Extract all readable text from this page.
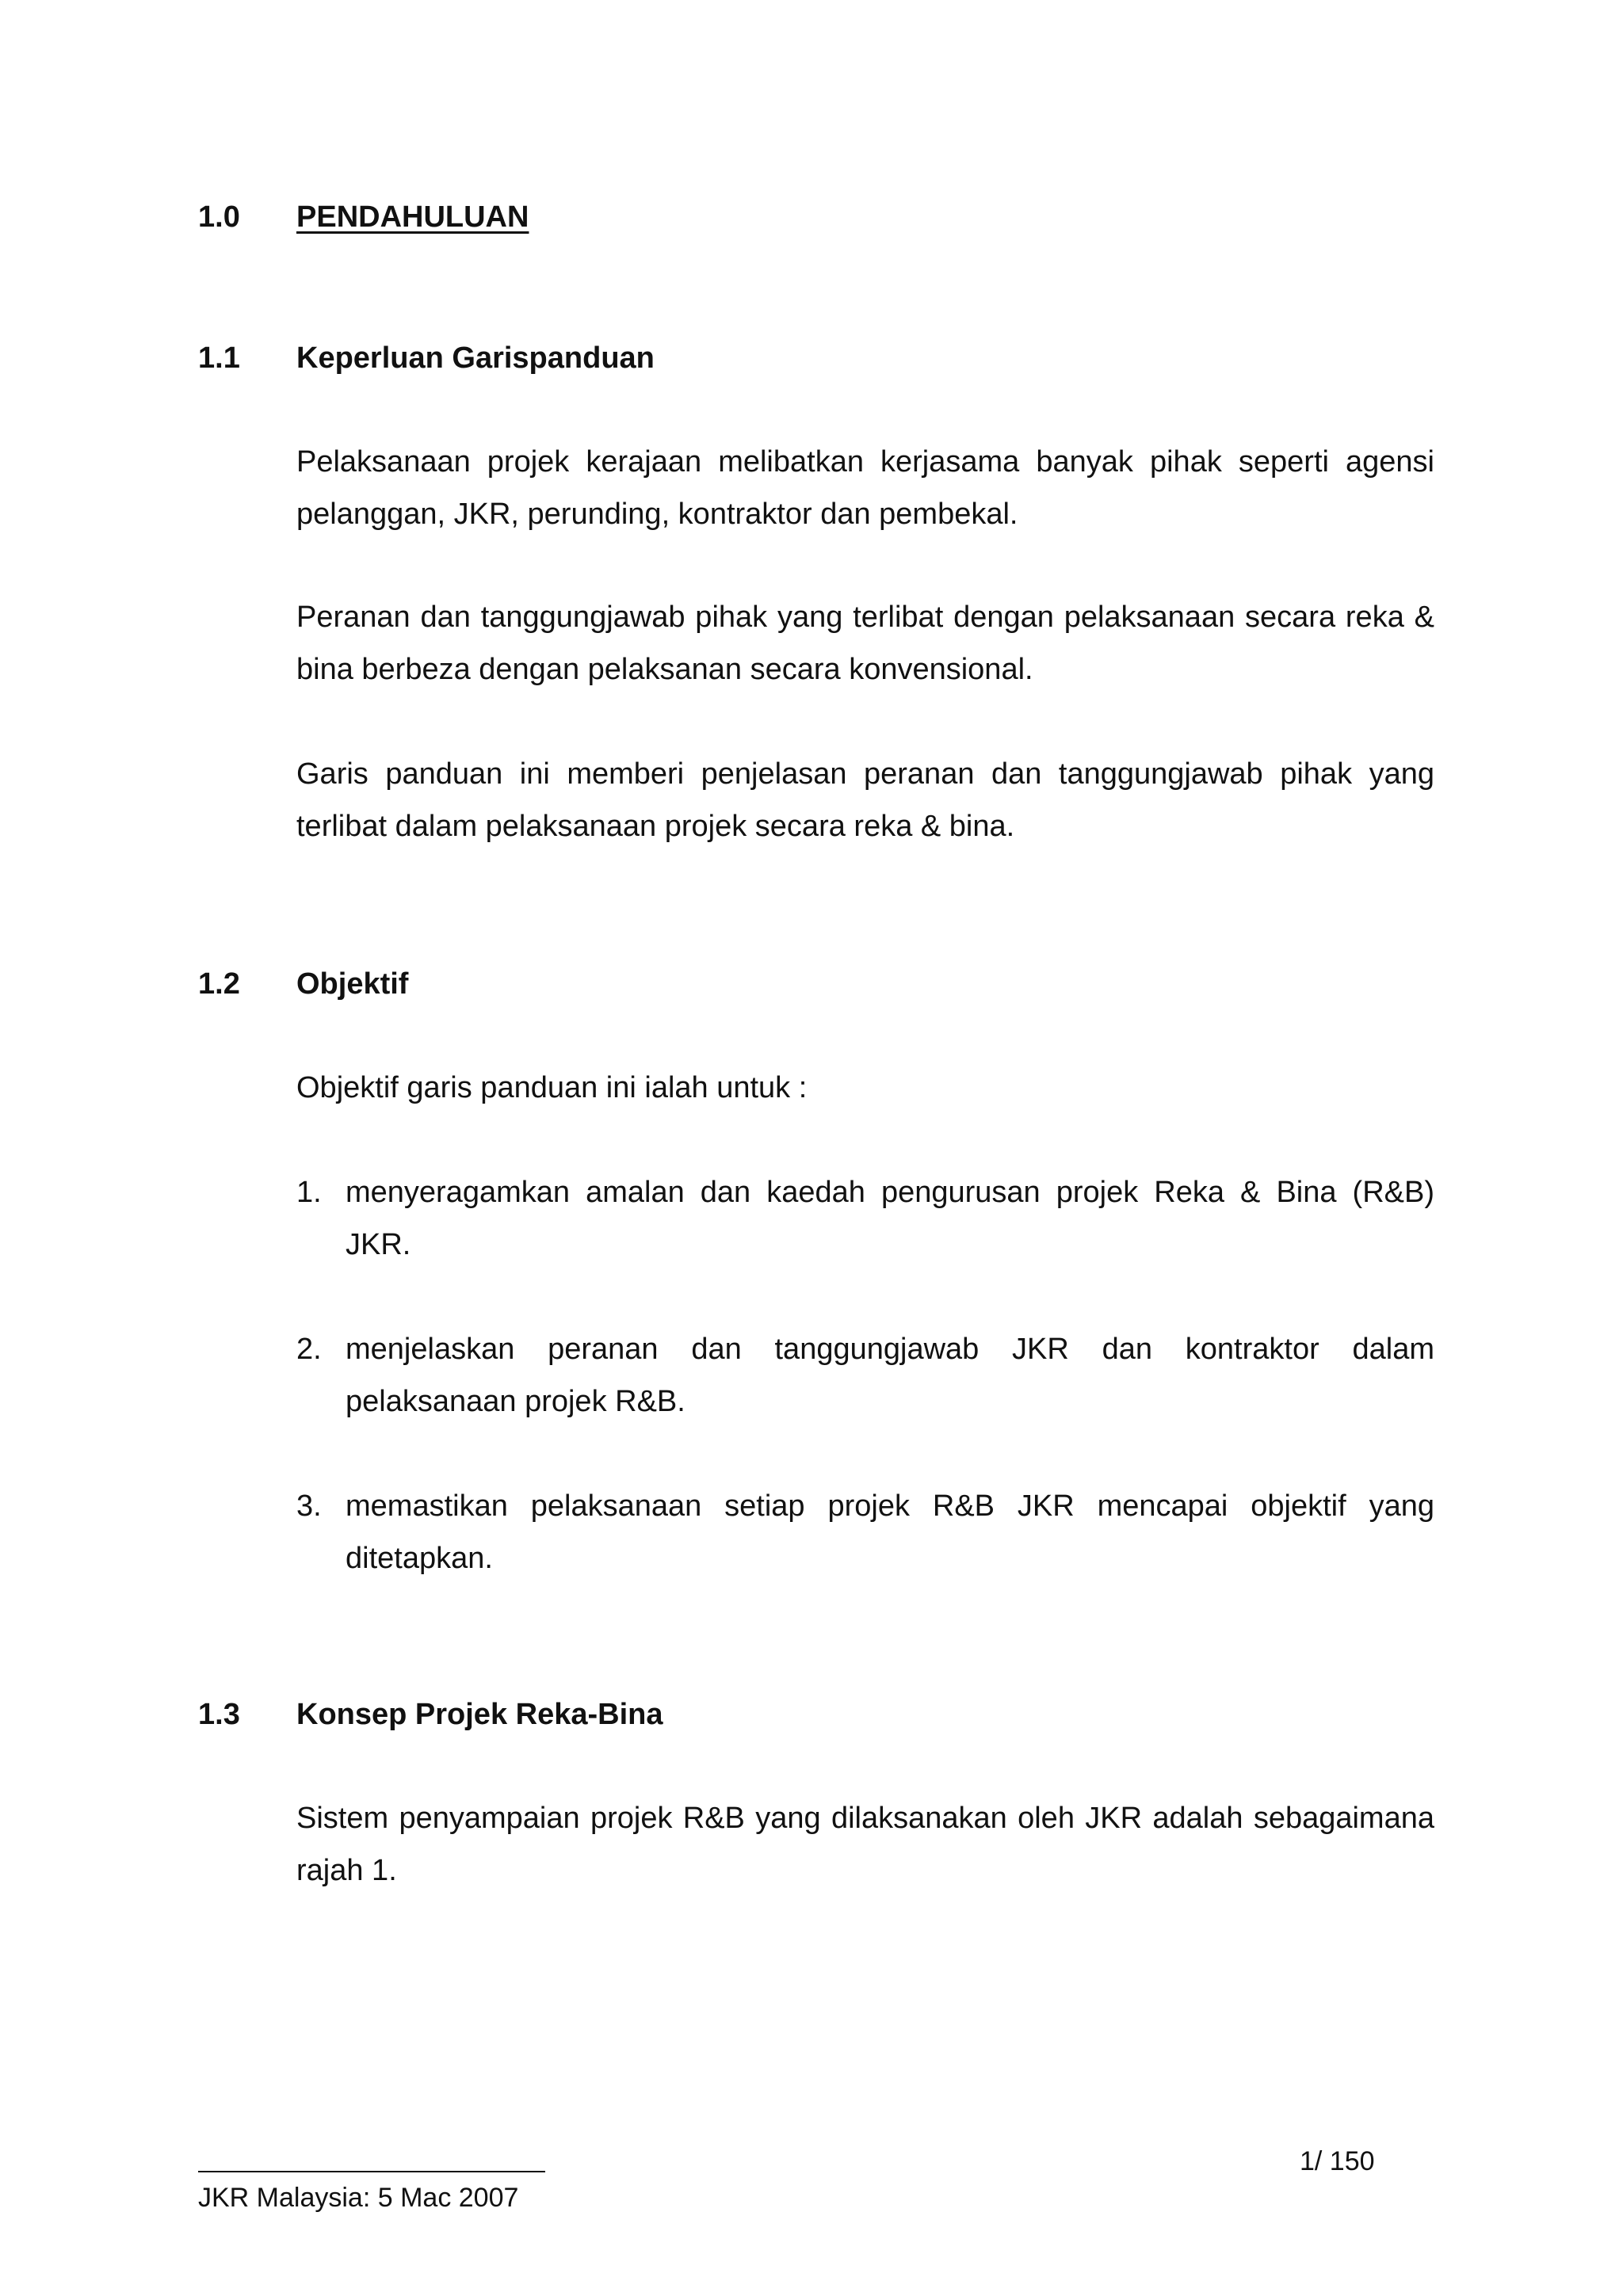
1.0 PENDAHULUAN
1.1 Keperluan Garispanduan

Pelaksanaan projek kerajaan melibatkan kerjasama banyak pihak seperti agensi pelanggan, JKR, perunding, kontraktor dan pembekal.

Peranan dan tanggungjawab pihak yang terlibat dengan pelaksanaan secara reka & bina berbeza dengan pelaksanan secara konvensional.

Garis panduan ini memberi penjelasan peranan dan tanggungjawab pihak yang terlibat dalam pelaksanaan projek secara reka & bina.

1.2 Objektif

Objektif garis panduan ini ialah untuk :

1. menyeragamkan amalan dan kaedah pengurusan projek Reka & Bina (R&B) JKR.
2. menjelaskan peranan dan tanggungjawab JKR dan kontraktor dalam pelaksanaan projek R&B.
3. memastikan pelaksanaan setiap projek R&B JKR mencapai objektif yang ditetapkan.
1.3 Konsep Projek Reka-Bina

Sistem penyampaian projek R&B yang dilaksanakan oleh JKR adalah sebagaimana rajah 1.

1/ 150
JKR Malaysia: 5 Mac 2007
